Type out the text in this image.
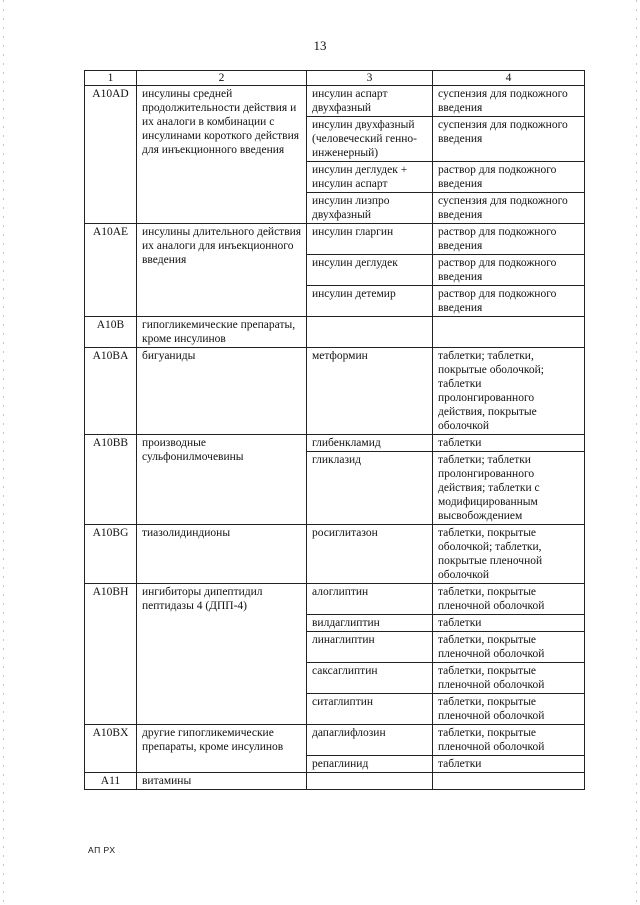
13
1	2	3	4
A10AD	инсулины средней продолжительности действия и их аналоги в комбинации с инсулинами короткого действия для инъекционного введения	инсулин аспарт двухфазный	суспензия для подкожного введения
		инсулин двухфазный (человеческий генно-инженерный)	суспензия для подкожного введения
		инсулин деглудек + инсулин аспарт	раствор для подкожного введения
		инсулин лизпро двухфазный	суспензия для подкожного введения
A10AE	инсулины длительного действия их аналоги для инъекционного введения	инсулин гларгин	раствор для подкожного введения
		инсулин деглудек	раствор для подкожного введения
		инсулин детемир	раствор для подкожного введения
A10B	гипогликемические препараты, кроме инсулинов		
A10BA	бигуаниды	метформин	таблетки; таблетки, покрытые оболочкой; таблетки пролонгированного действия, покрытые оболочкой
A10BB	производные сульфонилмочевины	глибенкламид	таблетки
		гликлазид	таблетки; таблетки пролонгированного действия; таблетки с модифицированным высвобождением
A10BG	тиазолидиндионы	росиглитазон	таблетки, покрытые оболочкой; таблетки, покрытые пленочной оболочкой
A10BH	ингибиторы дипептидил пептидазы 4 (ДПП-4)	алоглиптин	таблетки, покрытые пленочной оболочкой
		вилдаглиптин	таблетки
		линаглиптин	таблетки, покрытые пленочной оболочкой
		саксаглиптин	таблетки, покрытые пленочной оболочкой
		ситаглиптин	таблетки, покрытые пленочной оболочкой
A10BX	другие гипогликемические препараты, кроме инсулинов	дапаглифлозин	таблетки, покрытые пленочной оболочкой
		репаглинид	таблетки
A11	витамины		
АП РХ
